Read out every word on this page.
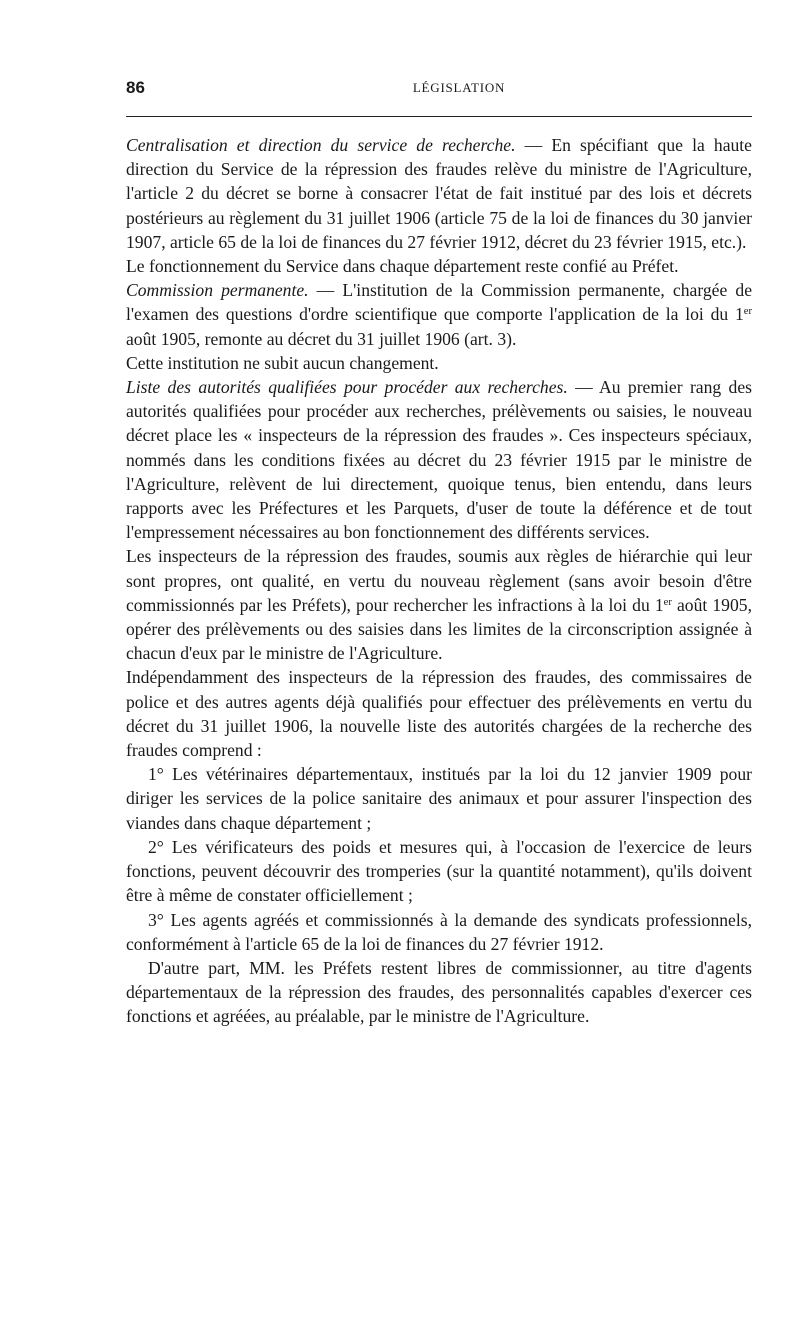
86	LÉGISLATION

Centralisation et direction du service de recherche. — En spécifiant que la haute direction du Service de la répression des fraudes relève du ministre de l'Agriculture, l'article 2 du décret se borne à consacrer l'état de fait institué par des lois et décrets postérieurs au règlement du 31 juillet 1906 (article 75 de la loi de finances du 30 janvier 1907, article 65 de la loi de finances du 27 février 1912, décret du 23 février 1915, etc.).

Le fonctionnement du Service dans chaque département reste confié au Préfet.

Commission permanente. — L'institution de la Commission permanente, chargée de l'examen des questions d'ordre scientifique que comporte l'application de la loi du 1er août 1905, remonte au décret du 31 juillet 1906 (art. 3).

Cette institution ne subit aucun changement.

Liste des autorités qualifiées pour procéder aux recherches. — Au premier rang des autorités qualifiées pour procéder aux recherches, prélèvements ou saisies, le nouveau décret place les « inspecteurs de la répression des fraudes ». Ces inspecteurs spéciaux, nommés dans les conditions fixées au décret du 23 février 1915 par le ministre de l'Agriculture, relèvent de lui directement, quoique tenus, bien entendu, dans leurs rapports avec les Préfectures et les Parquets, d'user de toute la déférence et de tout l'empressement nécessaires au bon fonctionnement des différents services.

Les inspecteurs de la répression des fraudes, soumis aux règles de hiérarchie qui leur sont propres, ont qualité, en vertu du nouveau règlement (sans avoir besoin d'être commissionnés par les Préfets), pour rechercher les infractions à la loi du 1er août 1905, opérer des prélèvements ou des saisies dans les limites de la circonscription assignée à chacun d'eux par le ministre de l'Agriculture.

Indépendamment des inspecteurs de la répression des fraudes, des commissaires de police et des autres agents déjà qualifiés pour effectuer des prélèvements en vertu du décret du 31 juillet 1906, la nouvelle liste des autorités chargées de la recherche des fraudes comprend :

1° Les vétérinaires départementaux, institués par la loi du 12 janvier 1909 pour diriger les services de la police sanitaire des animaux et pour assurer l'inspection des viandes dans chaque département ;

2° Les vérificateurs des poids et mesures qui, à l'occasion de l'exercice de leurs fonctions, peuvent découvrir des tromperies (sur la quantité notamment), qu'ils doivent être à même de constater officiellement ;

3° Les agents agréés et commissionnés à la demande des syndicats professionnels, conformément à l'article 65 de la loi de finances du 27 février 1912.

D'autre part, MM. les Préfets restent libres de commissionner, au titre d'agents départementaux de la répression des fraudes, des personnalités capables d'exercer ces fonctions et agréées, au préalable, par le ministre de l'Agriculture.
